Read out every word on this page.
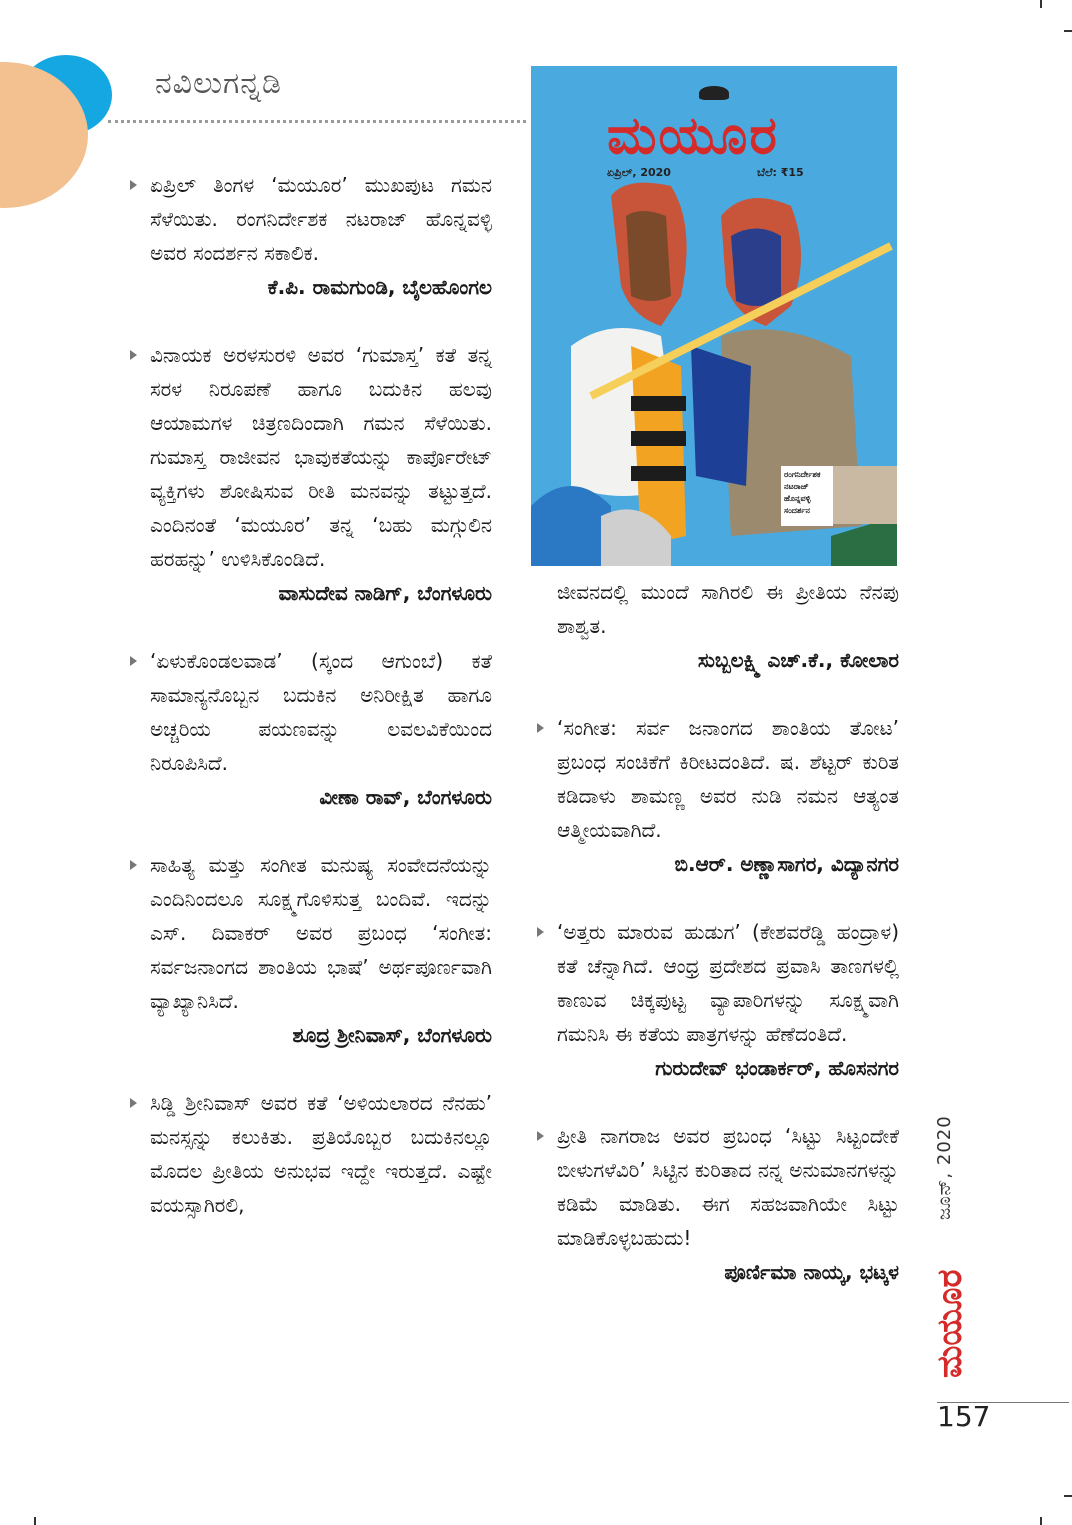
ನವಿಲುಗನ್ನಡಿ
ಏಪ್ರಿಲ್ ತಿಂಗಳ ‘ಮಯೂರ’ ಮುಖಪುಟ ಗಮನ ಸೆಳೆಯಿತು. ರಂಗನಿರ್ದೇಶಕ ನಟರಾಜ್ ಹೊನ್ನವಳ್ಳಿ ಅವರ ಸಂದರ್ಶನ ಸಕಾಲಿಕ.
ಕೆ.ಪಿ. ರಾಮಗುಂಡಿ, ಬೈಲಹೊಂಗಲ
ವಿನಾಯಕ ಅರಳಸುರಳಿ ಅವರ ‘ಗುಮಾಸ್ತ’ ಕತೆ ತನ್ನ ಸರಳ ನಿರೂಪಣೆ ಹಾಗೂ ಬದುಕಿನ ಹಲವು ಆಯಾಮಗಳ ಚಿತ್ರಣದಿಂದಾಗಿ ಗಮನ ಸೆಳೆಯಿತು. ಗುಮಾಸ್ತ ರಾಜೀವನ ಭಾವುಕತೆಯನ್ನು ಕಾರ್ಪೊರೇಟ್ ವ್ಯಕ್ತಿಗಳು ಶೋಷಿಸುವ ರೀತಿ ಮನವನ್ನು ತಟ್ಟುತ್ತದೆ. ಎಂದಿನಂತೆ ‘ಮಯೂರ’ ತನ್ನ ‘ಬಹು ಮಗ್ಗುಲಿನ ಹರಹನ್ನು’ ಉಳಿಸಿಕೊಂಡಿದೆ.
ವಾಸುದೇವ ನಾಡಿಗ್, ಬೆಂಗಳೂರು
‘ಏಳುಕೊಂಡಲವಾಡ’ (ಸ್ಕಂದ ಆಗುಂಬೆ) ಕತೆ ಸಾಮಾನ್ಯನೊಬ್ಬನ ಬದುಕಿನ ಅನಿರೀಕ್ಷಿತ ಹಾಗೂ ಅಚ್ಚರಿಯ ಪಯಣವನ್ನು ಲವಲವಿಕೆಯಿಂದ ನಿರೂಪಿಸಿದೆ.
ವೀಣಾ ರಾವ್, ಬೆಂಗಳೂರು
ಸಾಹಿತ್ಯ ಮತ್ತು ಸಂಗೀತ ಮನುಷ್ಯ ಸಂವೇದನೆಯನ್ನು ಎಂದಿನಿಂದಲೂ ಸೂಕ್ಷ್ಮಗೊಳಿಸುತ್ತ ಬಂದಿವೆ. ಇದನ್ನು ಎಸ್. ದಿವಾಕರ್ ಅವರ ಪ್ರಬಂಧ ‘ಸಂಗೀತ: ಸರ್ವಜನಾಂಗದ ಶಾಂತಿಯ ಭಾಷೆ’ ಅರ್ಥಪೂರ್ಣವಾಗಿ ವ್ಯಾಖ್ಯಾನಿಸಿದೆ.
ಶೂದ್ರ ಶ್ರೀನಿವಾಸ್, ಬೆಂಗಳೂರು
ಸಿಡ್ಡಿ ಶ್ರೀನಿವಾಸ್ ಅವರ ಕತೆ ‘ಅಳಿಯಲಾರದ ನೆನಹು’ ಮನಸ್ಸನ್ನು ಕಲುಕಿತು. ಪ್ರತಿಯೊಬ್ಬರ ಬದುಕಿನಲ್ಲೂ ಮೊದಲ ಪ್ರೀತಿಯ ಅನುಭವ ಇದ್ದೇ ಇರುತ್ತದೆ. ಎಷ್ಟೇ ವಯಸ್ಸಾಗಿರಲಿ,
ಮಯೂರ
ಏಪ್ರಿಲ್, 2020	ಬೆಲೆ: ₹15
ರಂಗನಿರ್ದೇಶಕ ನಟರಾಜ್ ಹೊನ್ನವಳ್ಳಿ ಸಂದರ್ಶನ
ಜೀವನದಲ್ಲಿ ಮುಂದೆ ಸಾಗಿರಲಿ ಈ ಪ್ರೀತಿಯ ನೆನಪು ಶಾಶ್ವತ.
ಸುಬ್ಬಲಕ್ಷ್ಮಿ ಎಚ್.ಕೆ., ಕೋಲಾರ
‘ಸಂಗೀತ: ಸರ್ವ ಜನಾಂಗದ ಶಾಂತಿಯ ತೋಟ’ ಪ್ರಬಂಧ ಸಂಚಿಕೆಗೆ ಕಿರೀಟದಂತಿದೆ. ಷ. ಶೆಟ್ಟರ್ ಕುರಿತ ಕಡಿದಾಳು ಶಾಮಣ್ಣ ಅವರ ನುಡಿ ನಮನ ಆತ್ಯಂತ ಆತ್ಮೀಯವಾಗಿದೆ.
ಬಿ.ಆರ್. ಅಣ್ಣಾಸಾಗರ, ವಿದ್ಯಾನಗರ
‘ಅತ್ತರು ಮಾರುವ ಹುಡುಗ’ (ಕೇಶವರೆಡ್ಡಿ ಹಂದ್ರಾಳ) ಕತೆ ಚೆನ್ನಾಗಿದೆ. ಆಂಧ್ರ ಪ್ರದೇಶದ ಪ್ರವಾಸಿ ತಾಣಗಳಲ್ಲಿ ಕಾಣುವ ಚಿಕ್ಕಪುಟ್ಟ ವ್ಯಾಪಾರಿಗಳನ್ನು ಸೂಕ್ಷ್ಮವಾಗಿ ಗಮನಿಸಿ ಈ ಕತೆಯ ಪಾತ್ರಗಳನ್ನು ಹೆಣೆದಂತಿದೆ.
ಗುರುದೇವ್ ಭಂಡಾರ್ಕರ್, ಹೊಸನಗರ
ಪ್ರೀತಿ ನಾಗರಾಜ ಅವರ ಪ್ರಬಂಧ ‘ಸಿಟ್ಟು ಸಿಟ್ಟಂದೇಕೆ ಬೀಳುಗಳೆವಿರಿ’ ಸಿಟ್ಟಿನ ಕುರಿತಾದ ನನ್ನ ಅನುಮಾನಗಳನ್ನು ಕಡಿಮೆ ಮಾಡಿತು. ಈಗ ಸಹಜವಾಗಿಯೇ ಸಿಟ್ಟು ಮಾಡಿಕೊಳ್ಳಬಹುದು!
ಪೂರ್ಣಿಮಾ ನಾಯ್ಕ, ಭಟ್ಕಳ
ಜೂನ್, 2020
ಮಯೂರ
157
